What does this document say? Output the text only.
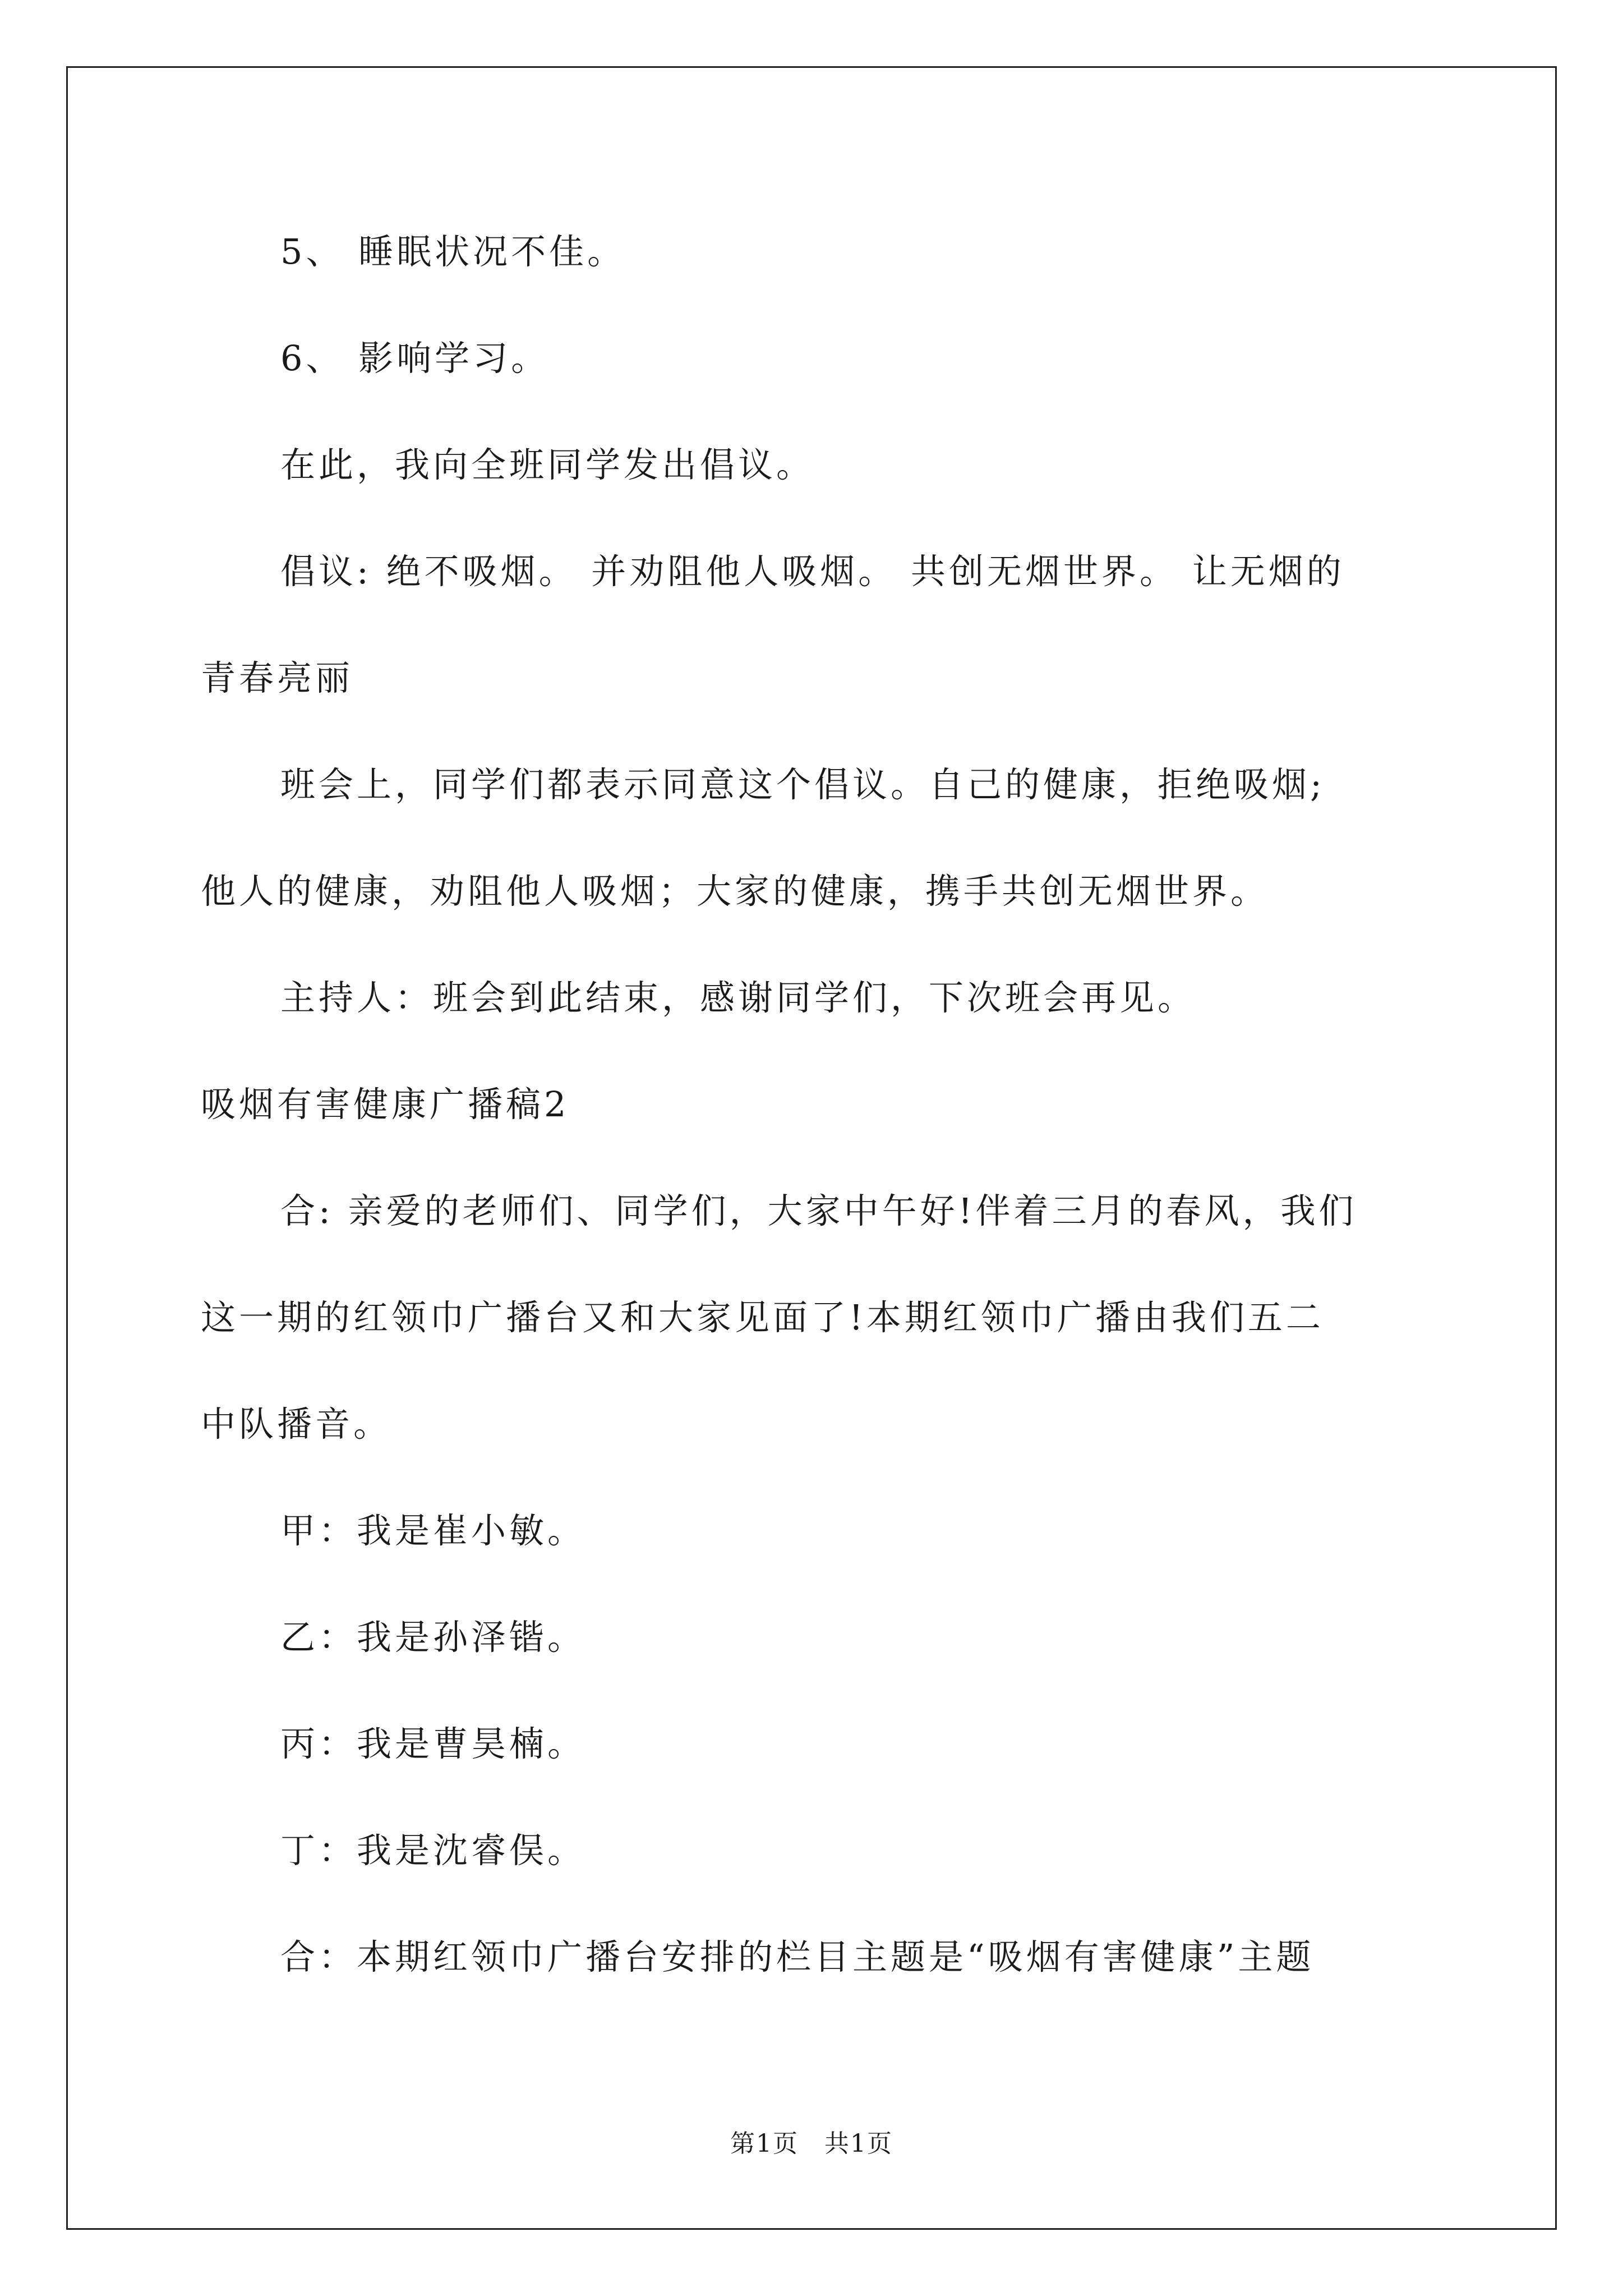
5、 睡眠状况不佳。

6、 影响学习。

在此，我向全班同学发出倡议。

倡议: 绝不吸烟。 并劝阻他人吸烟。 共创无烟世界。 让无烟的

青春亮丽

班会上，同学们都表示同意这个倡议。自己的健康，拒绝吸烟;

他人的健康，劝阻他人吸烟；大家的健康，携手共创无烟世界。

主持人：班会到此结束，感谢同学们，下次班会再见。

吸烟有害健康广播稿2

合: 亲爱的老师们、同学们，大家中午好!伴着三月的春风，我们

这一期的红领巾广播台又和大家见面了!本期红领巾广播由我们五二

中队播音。

甲：我是崔小敏。

乙：我是孙泽锴。

丙：我是曹昊楠。

丁：我是沈睿俣。

合：本期红领巾广播台安排的栏目主题是“吸烟有害健康”主题

第1页　共1页
